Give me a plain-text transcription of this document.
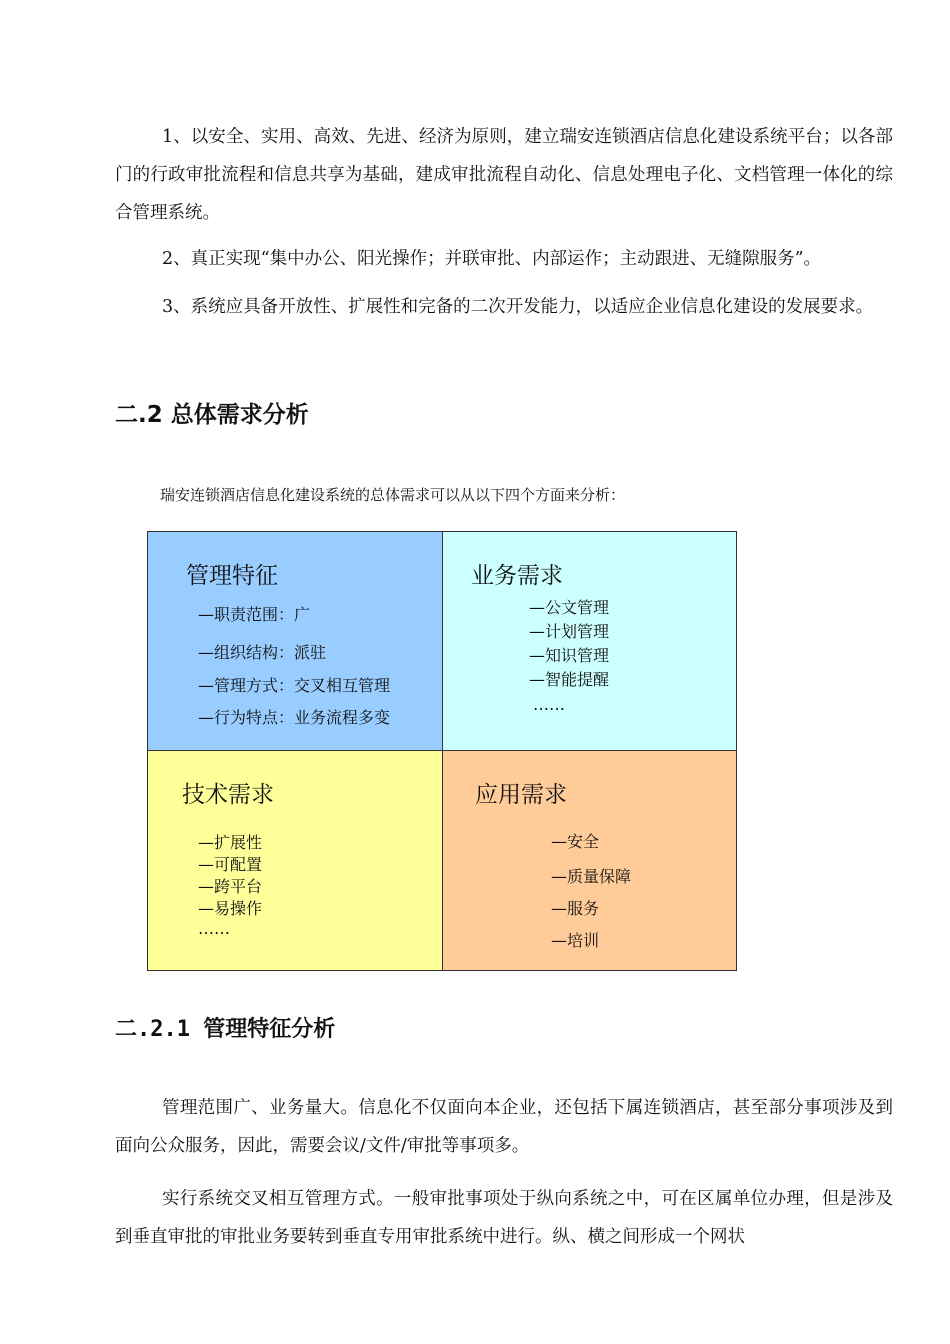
1、以安全、实用、高效、先进、经济为原则，建立瑞安连锁酒店信息化建设系统平台；以各部门的行政审批流程和信息共享为基础，建成审批流程自动化、信息处理电子化、文档管理一体化的综合管理系统。

2、真正实现“集中办公、阳光操作；并联审批、内部运作；主动跟进、无缝隙服务”。

3、系统应具备开放性、扩展性和完备的二次开发能力，以适应企业信息化建设的发展要求。

二.2 总体需求分析

瑞安连锁酒店信息化建设系统的总体需求可以从以下四个方面来分析：

管理特征
—职责范围：广
—组织结构：派驻
—管理方式：交叉相互管理
—行为特点：业务流程多变
业务需求
—公文管理
—计划管理
—知识管理
—智能提醒
……
技术需求
—扩展性
—可配置
—跨平台
—易操作
……
应用需求
—安全
—质量保障
—服务
—培训
二.2.1 管理特征分析

管理范围广、业务量大。信息化不仅面向本企业，还包括下属连锁酒店，甚至部分事项涉及到面向公众服务，因此，需要会议/文件/审批等事项多。

实行系统交叉相互管理方式。一般审批事项处于纵向系统之中，可在区属单位办理，但是涉及到垂直审批的审批业务要转到垂直专用审批系统中进行。纵、横之间形成一个网状
